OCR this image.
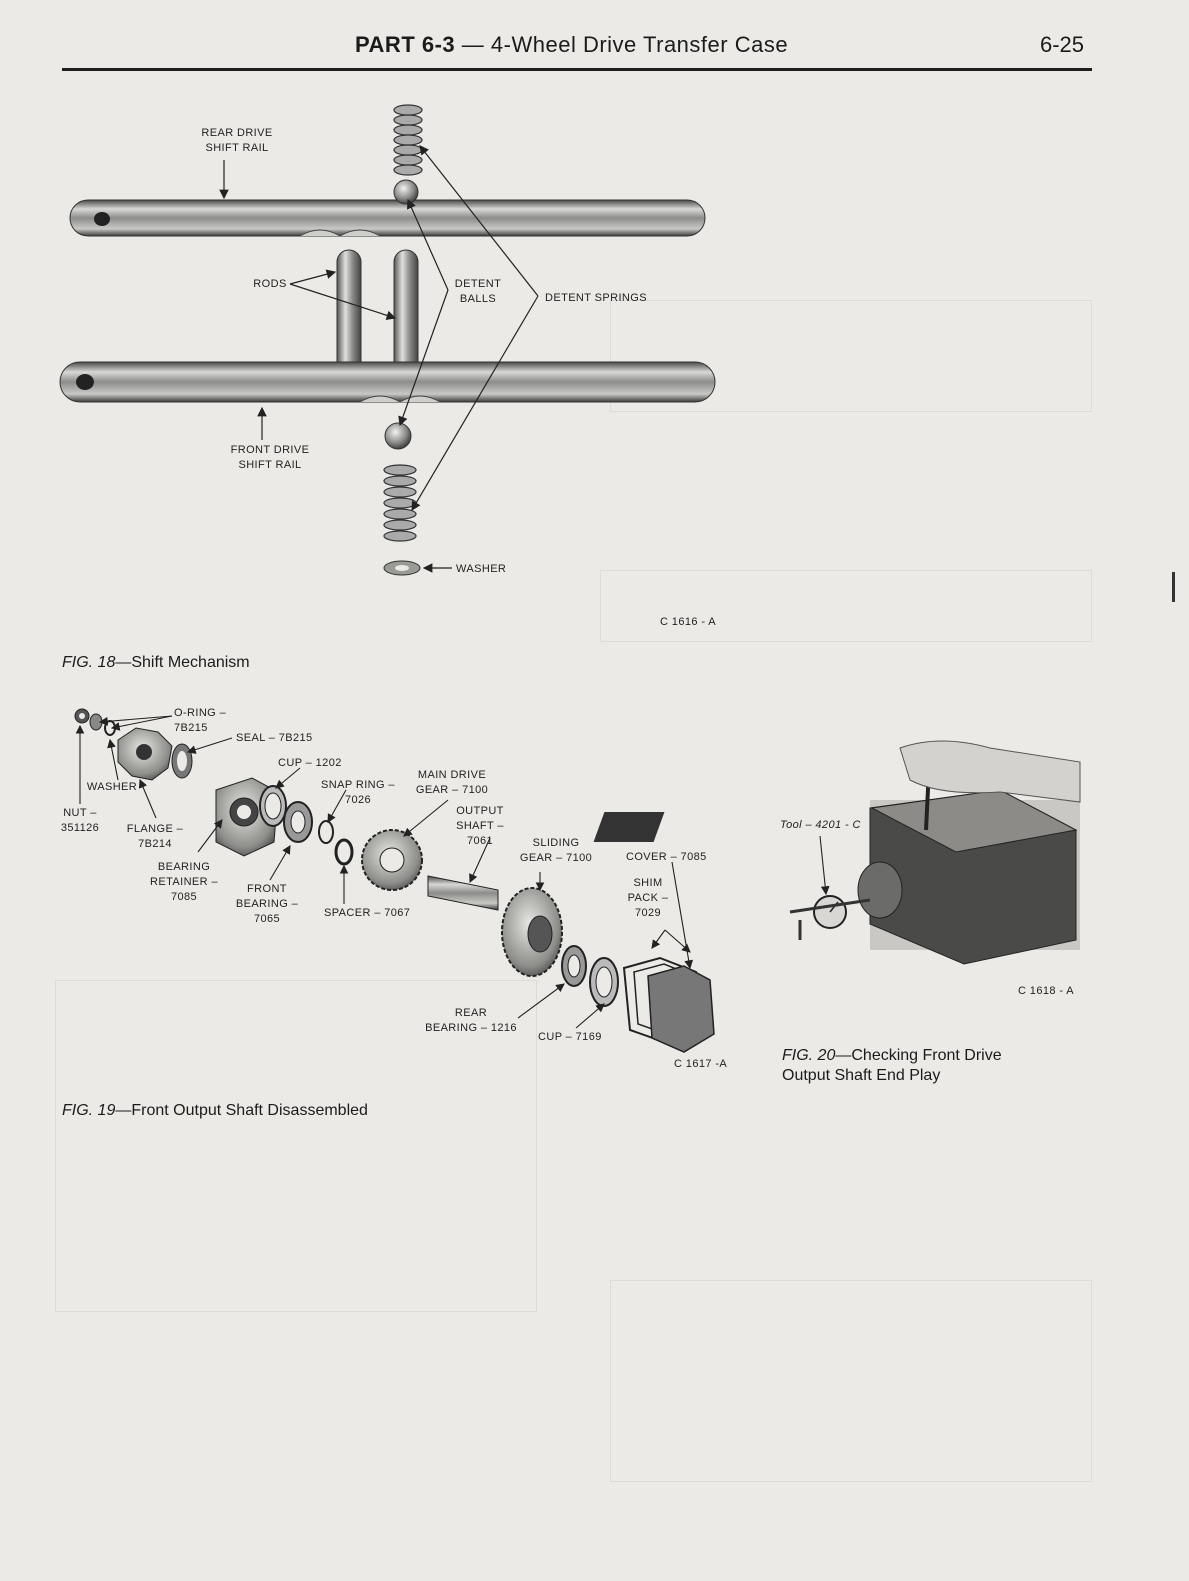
PART 6-3 — 4-Wheel Drive Transfer Case	6-25
REAR DRIVE
SHIFT RAIL
RODS	DETENT
BALLS	DETENT SPRINGS
FRONT DRIVE
SHIFT RAIL
WASHER
C 1616 - A
FIG. 18—Shift Mechanism
O-RING –
7B215
SEAL – 7B215
CUP – 1202
SNAP RING –
7026
MAIN DRIVE
GEAR – 7100
WASHER
NUT –
351126	FLANGE –
7B214
OUTPUT
SHAFT –
7061	SLIDING
GEAR – 7100
BEARING
RETAINER –
7085
FRONT
BEARING –
7065	SPACER – 7067
COVER – 7085
SHIM
PACK –
7029
REAR
BEARING – 1216
CUP – 7169
C 1617 -A
FIG. 19—Front Output Shaft Disassembled
Tool – 4201 - C
C 1618 - A

FIG. 20—Checking Front Drive
Output Shaft End Play
